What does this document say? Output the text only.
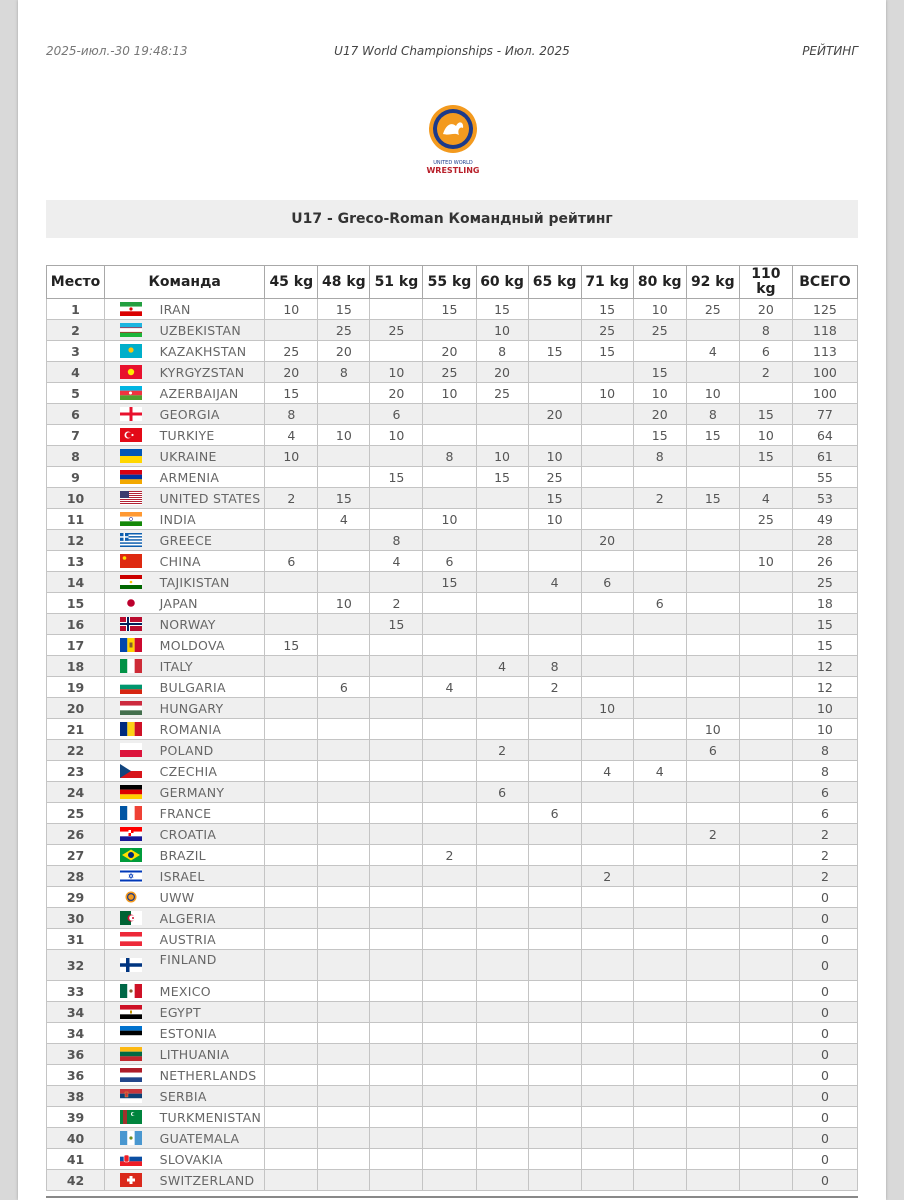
2025-июл.-30 19:48:13	U17 World Championships - Июл. 2025	РЕЙТИНГ
UNITED WORLD
WRESTLING
U17 - Greco-Roman Командный рейтинг
Место	Команда		45 kg	48 kg	51 kg	55 kg	60 kg	65 kg	71 kg	80 kg	92 kg	110 kg	ВСЕГО
1		IRAN	10	15		15	15		15	10	25	20	125
2		UZBEKISTAN		25	25		10		25	25		8	118
3		KAZAKHSTAN	25	20		20	8	15	15		4	6	113
4		KYRGYZSTAN	20	8	10	25	20			15		2	100
5		AZERBAIJAN	15		20	10	25		10	10	10		100
6		GEORGIA	8		6			20		20	8	15	77
7		TURKIYE	4	10	10					15	15	10	64
8		UKRAINE	10			8	10	10		8		15	61
9		ARMENIA			15		15	25					55
10		UNITED STATES	2	15				15		2	15	4	53
11		INDIA		4		10		10				25	49
12		GREECE			8				20				28
13		CHINA	6		4	6						10	26
14		TAJIKISTAN				15		4	6				25
15		JAPAN		10	2					6			18
16		NORWAY			15								15
17		MOLDOVA	15										15
18		ITALY					4	8					12
19		BULGARIA		6		4		2					12
20		HUNGARY							10				10
21		ROMANIA									10		10
22		POLAND					2				6		8
23		CZECHIA							4	4			8
24		GERMANY					6						6
25		FRANCE						6					6
26		CROATIA									2		2
27		BRAZIL				2							2
28		ISRAEL							2				2
29		UWW											0
30		ALGERIA											0
31		AUSTRIA											0
32		FINLAND											0
33		MEXICO											0
34		EGYPT											0
34		ESTONIA											0
36		LITHUANIA											0
36		NETHERLANDS											0
38		SERBIA											0
39		TURKMENISTAN											0
40		GUATEMALA											0
41		SLOVAKIA											0
42		SWITZERLAND											0
